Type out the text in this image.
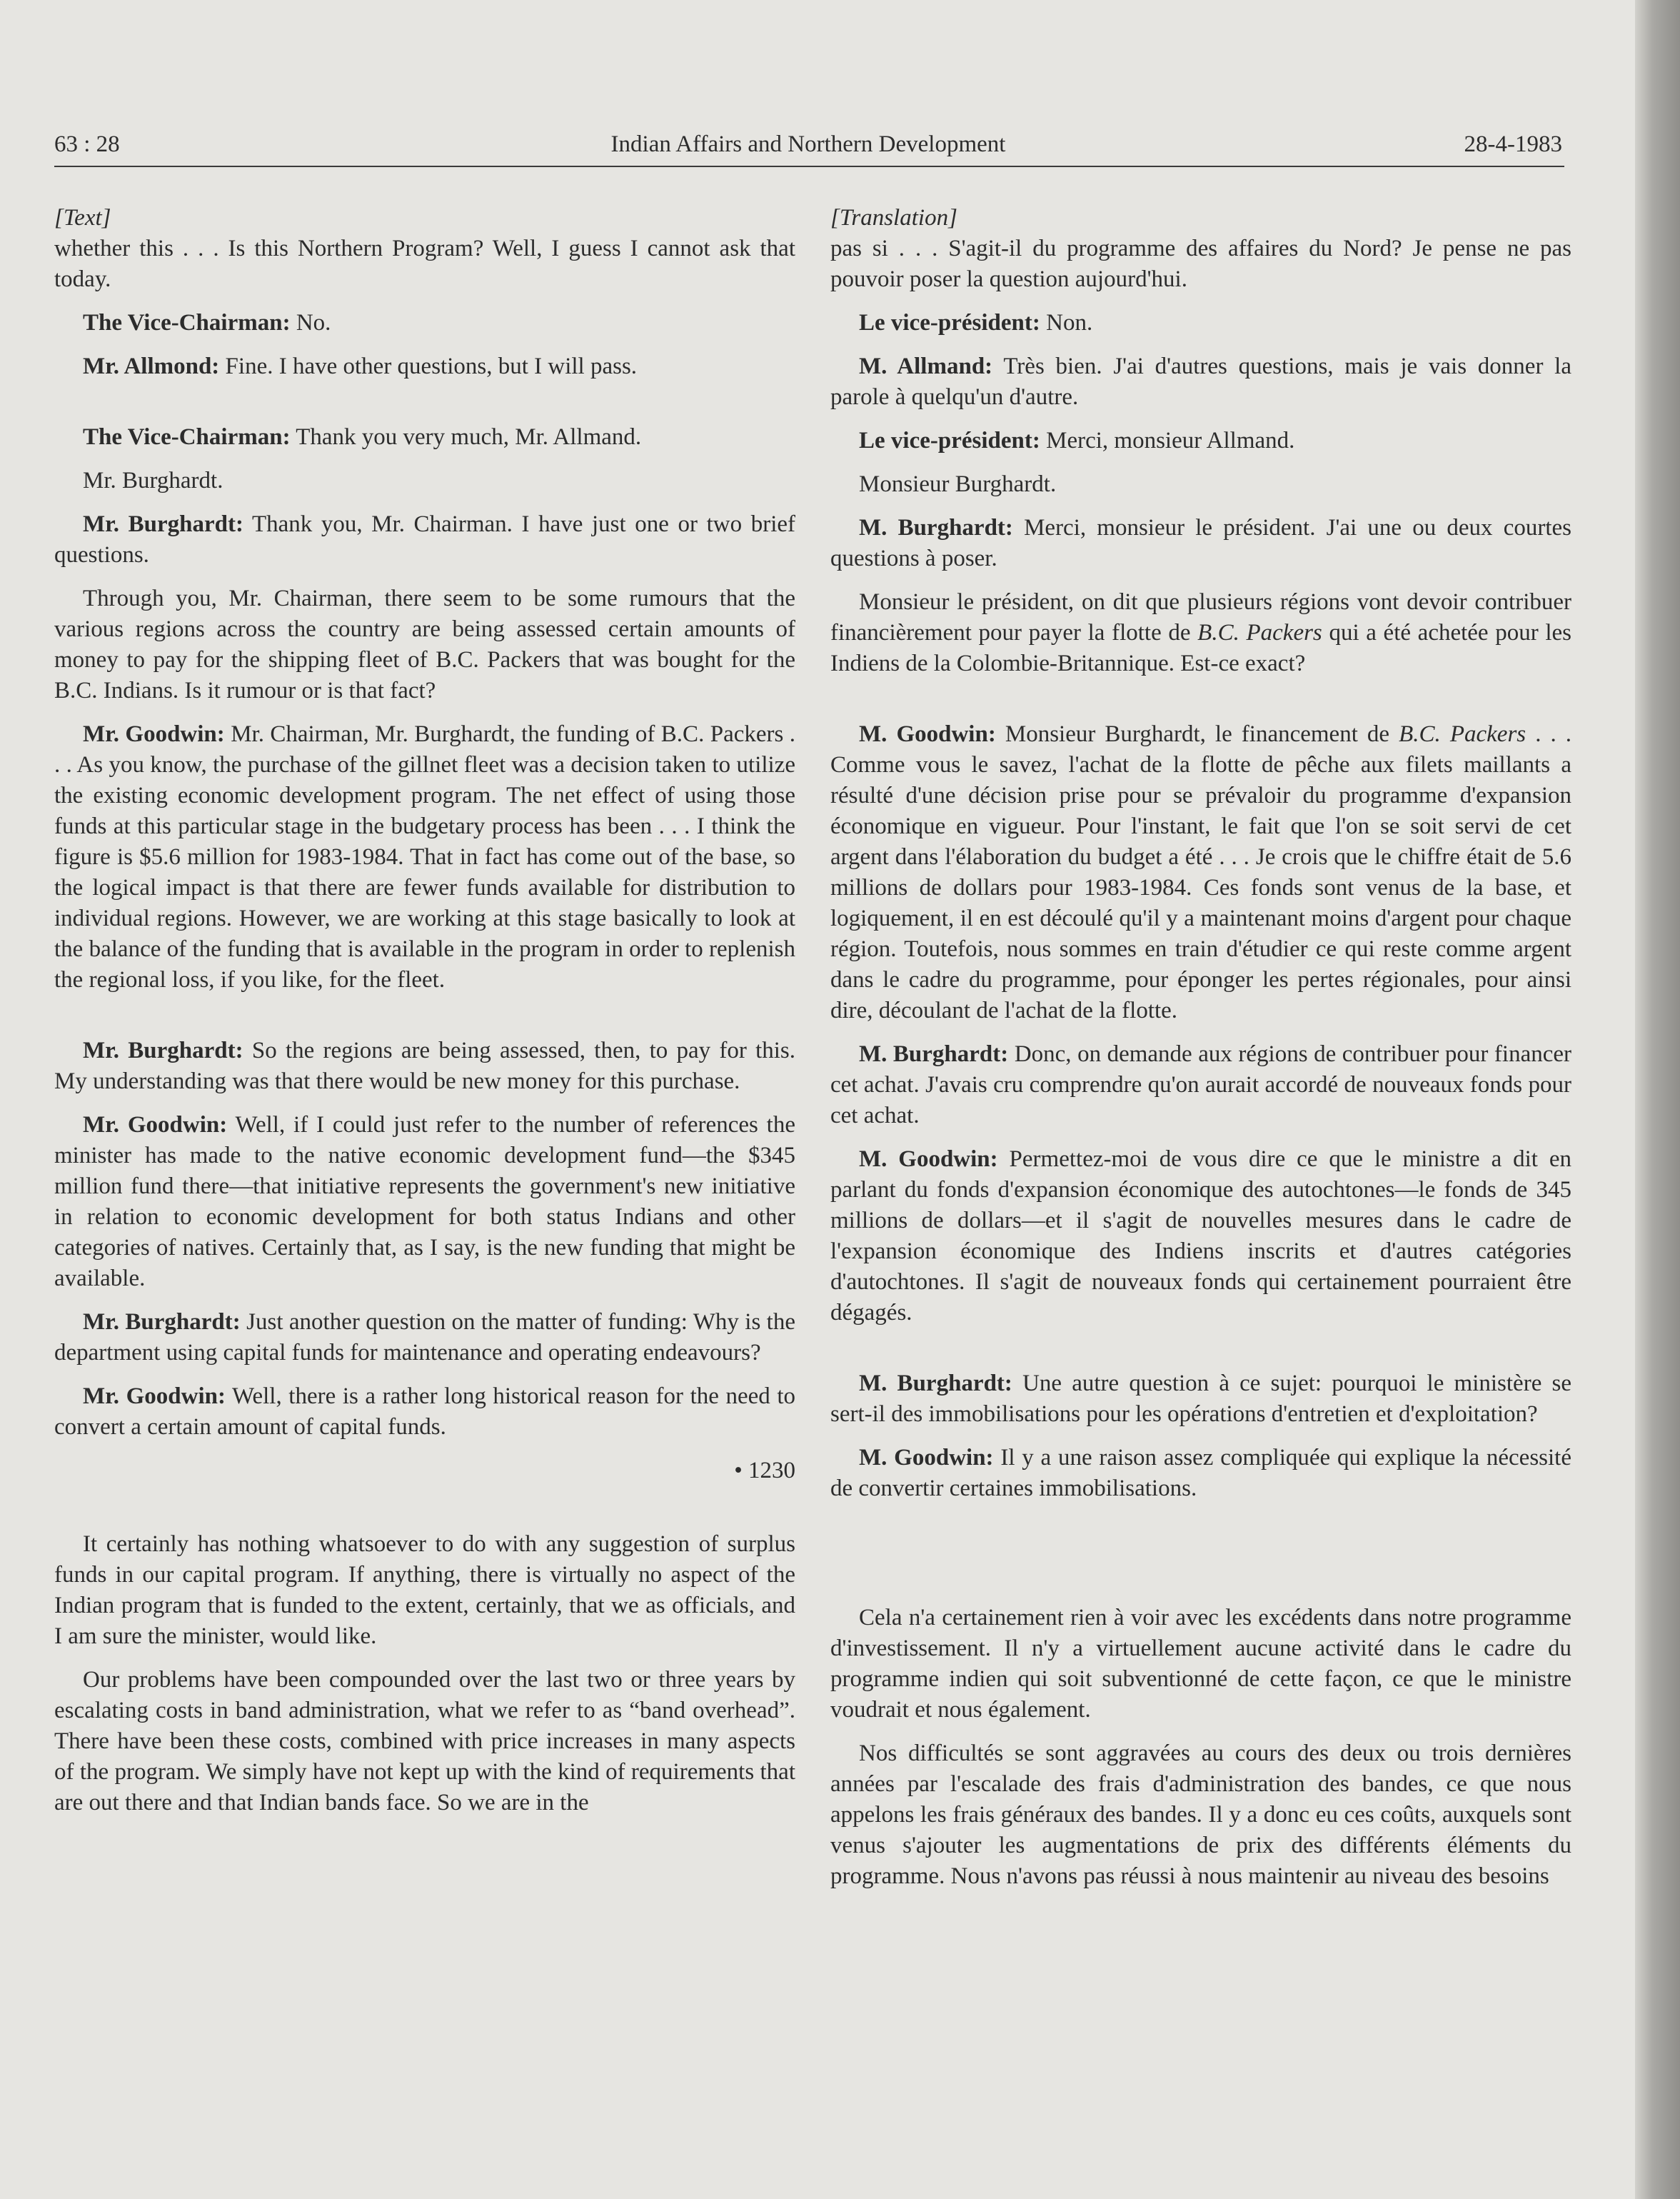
63 : 28	Indian Affairs and Northern Development	28-4-1983

[Text]

whether this . . . Is this Northern Program? Well, I guess I cannot ask that today.

The Vice-Chairman: No.

Mr. Allmond: Fine. I have other questions, but I will pass.

The Vice-Chairman: Thank you very much, Mr. Allmand.

Mr. Burghardt.

Mr. Burghardt: Thank you, Mr. Chairman. I have just one or two brief questions.

Through you, Mr. Chairman, there seem to be some rumours that the various regions across the country are being assessed certain amounts of money to pay for the shipping fleet of B.C. Packers that was bought for the B.C. Indians. Is it rumour or is that fact?

Mr. Goodwin: Mr. Chairman, Mr. Burghardt, the funding of B.C. Packers . . . As you know, the purchase of the gillnet fleet was a decision taken to utilize the existing economic development program. The net effect of using those funds at this particular stage in the budgetary process has been . . . I think the figure is $5.6 million for 1983-1984. That in fact has come out of the base, so the logical impact is that there are fewer funds available for distribution to individual regions. However, we are working at this stage basically to look at the balance of the funding that is available in the program in order to replenish the regional loss, if you like, for the fleet.

Mr. Burghardt: So the regions are being assessed, then, to pay for this. My understanding was that there would be new money for this purchase.

Mr. Goodwin: Well, if I could just refer to the number of references the minister has made to the native economic development fund—the $345 million fund there—that initiative represents the government's new initiative in relation to economic development for both status Indians and other categories of natives. Certainly that, as I say, is the new funding that might be available.

Mr. Burghardt: Just another question on the matter of funding: Why is the department using capital funds for maintenance and operating endeavours?

Mr. Goodwin: Well, there is a rather long historical reason for the need to convert a certain amount of capital funds.

• 1230

It certainly has nothing whatsoever to do with any suggestion of surplus funds in our capital program. If anything, there is virtually no aspect of the Indian program that is funded to the extent, certainly, that we as officials, and I am sure the minister, would like.

Our problems have been compounded over the last two or three years by escalating costs in band administration, what we refer to as “band overhead”. There have been these costs, combined with price increases in many aspects of the program. We simply have not kept up with the kind of requirements that are out there and that Indian bands face. So we are in the

[Translation]

pas si . . . S'agit-il du programme des affaires du Nord? Je pense ne pas pouvoir poser la question aujourd'hui.

Le vice-président: Non.

M. Allmand: Très bien. J'ai d'autres questions, mais je vais donner la parole à quelqu'un d'autre.

Le vice-président: Merci, monsieur Allmand.

Monsieur Burghardt.

M. Burghardt: Merci, monsieur le président. J'ai une ou deux courtes questions à poser.

Monsieur le président, on dit que plusieurs régions vont devoir contribuer financièrement pour payer la flotte de B.C. Packers qui a été achetée pour les Indiens de la Colombie-Britannique. Est-ce exact?

M. Goodwin: Monsieur Burghardt, le financement de B.C. Packers . . . Comme vous le savez, l'achat de la flotte de pêche aux filets maillants a résulté d'une décision prise pour se prévaloir du programme d'expansion économique en vigueur. Pour l'instant, le fait que l'on se soit servi de cet argent dans l'élaboration du budget a été . . . Je crois que le chiffre était de 5.6 millions de dollars pour 1983-1984. Ces fonds sont venus de la base, et logiquement, il en est découlé qu'il y a maintenant moins d'argent pour chaque région. Toutefois, nous sommes en train d'étudier ce qui reste comme argent dans le cadre du programme, pour éponger les pertes régionales, pour ainsi dire, découlant de l'achat de la flotte.

M. Burghardt: Donc, on demande aux régions de contribuer pour financer cet achat. J'avais cru comprendre qu'on aurait accordé de nouveaux fonds pour cet achat.

M. Goodwin: Permettez-moi de vous dire ce que le ministre a dit en parlant du fonds d'expansion économique des autochtones—le fonds de 345 millions de dollars—et il s'agit de nouvelles mesures dans le cadre de l'expansion économique des Indiens inscrits et d'autres catégories d'autochtones. Il s'agit de nouveaux fonds qui certainement pourraient être dégagés.

M. Burghardt: Une autre question à ce sujet: pourquoi le ministère se sert-il des immobilisations pour les opérations d'entretien et d'exploitation?

M. Goodwin: Il y a une raison assez compliquée qui explique la nécessité de convertir certaines immobilisations.

Cela n'a certainement rien à voir avec les excédents dans notre programme d'investissement. Il n'y a virtuellement aucune activité dans le cadre du programme indien qui soit subventionné de cette façon, ce que le ministre voudrait et nous également.

Nos difficultés se sont aggravées au cours des deux ou trois dernières années par l'escalade des frais d'administration des bandes, ce que nous appelons les frais généraux des bandes. Il y a donc eu ces coûts, auxquels sont venus s'ajouter les augmentations de prix des différents éléments du programme. Nous n'avons pas réussi à nous maintenir au niveau des besoins
